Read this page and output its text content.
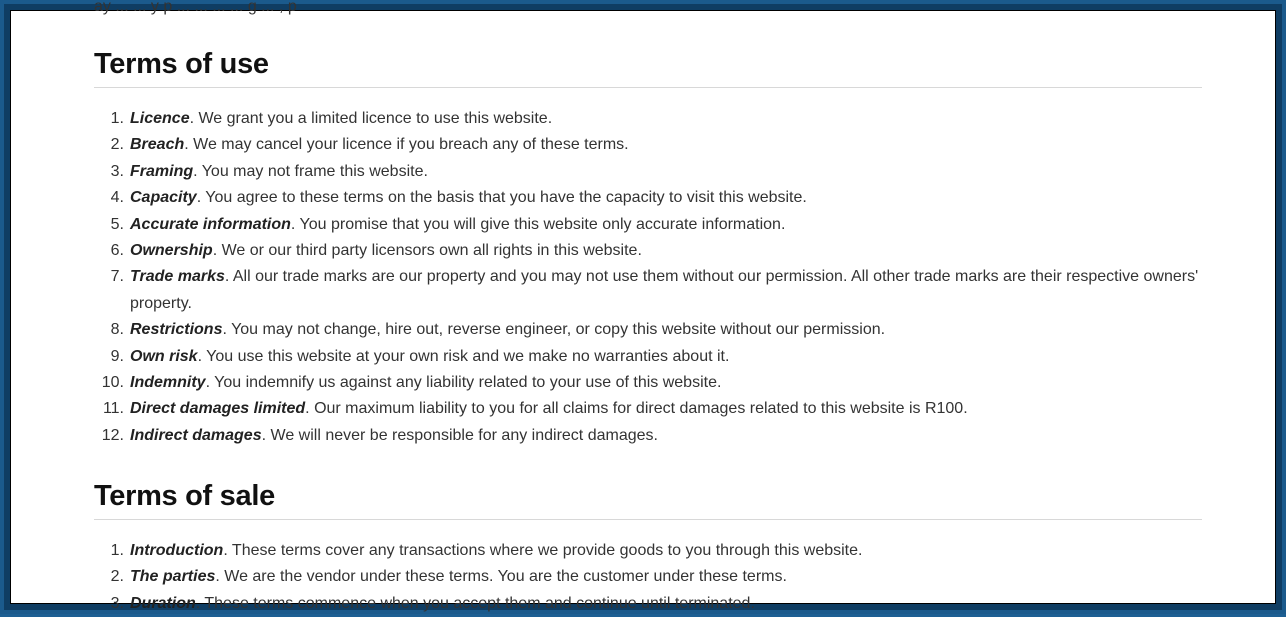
ay ... ... y p ... ... ... ... g ... , p
Terms of use
1. Licence. We grant you a limited licence to use this website.
2. Breach. We may cancel your licence if you breach any of these terms.
3. Framing. You may not frame this website.
4. Capacity. You agree to these terms on the basis that you have the capacity to visit this website.
5. Accurate information. You promise that you will give this website only accurate information.
6. Ownership. We or our third party licensors own all rights in this website.
7. Trade marks. All our trade marks are our property and you may not use them without our permission. All other trade marks are their respective owners' property.
8. Restrictions. You may not change, hire out, reverse engineer, or copy this website without our permission.
9. Own risk. You use this website at your own risk and we make no warranties about it.
10. Indemnity. You indemnify us against any liability related to your use of this website.
11. Direct damages limited. Our maximum liability to you for all claims for direct damages related to this website is R100.
12. Indirect damages. We will never be responsible for any indirect damages.
Terms of sale
1. Introduction. These terms cover any transactions where we provide goods to you through this website.
2. The parties. We are the vendor under these terms. You are the customer under these terms.
3. Duration. These terms commence when you accept them and continue until terminated.
